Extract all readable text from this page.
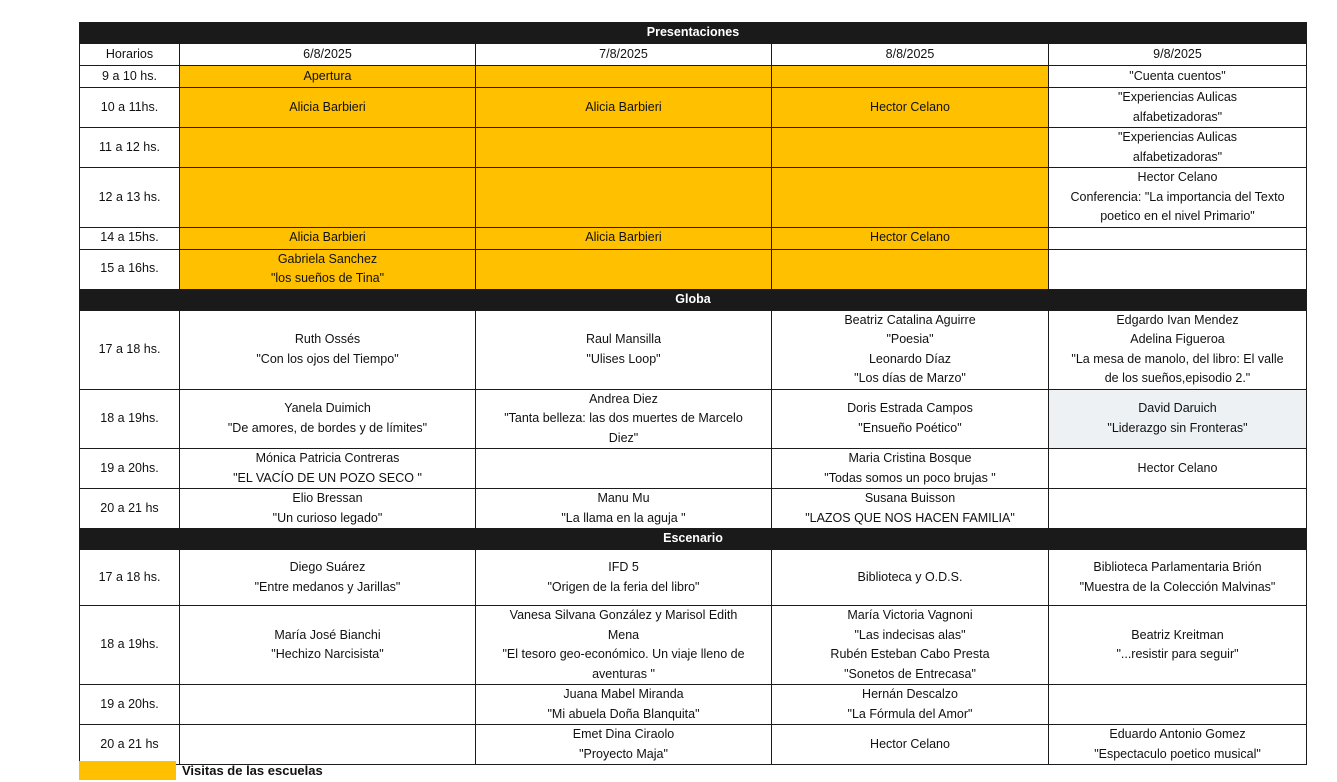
Presentaciones				
Horarios	6/8/2025	7/8/2025	8/8/2025	9/8/2025
9 a 10 hs.	Apertura			"Cuenta cuentos"

10 a 11hs.	Alicia Barbieri	Alicia Barbieri	Hector Celano	"Experiencias Aulicas
alfabetizadoras"

11 a 12 hs.				"Experiencias Aulicas
alfabetizadoras"

12 a 13 hs.				Hector Celano
Conferencia: "La importancia del Texto
poetico en el nivel Primario"

14 a 15hs.	Alicia Barbieri	Alicia Barbieri	Hector Celano	

15 a 16hs.	Gabriela Sanchez
"los sueños de Tina"			

Globa				
17 a 18 hs.	Ruth Ossés
"Con los ojos del Tiempo"	Raul Mansilla
"Ulises Loop"	Beatriz Catalina Aguirre
"Poesia"
Leonardo Díaz
"Los días de Marzo"	Edgardo Ivan Mendez
Adelina Figueroa
"La mesa de manolo, del libro: El valle
de los sueños,episodio 2."

18 a 19hs.	Yanela Duimich
"De amores, de bordes y de límites"	Andrea Diez
"Tanta belleza: las dos muertes de Marcelo
Diez"	Doris Estrada Campos
"Ensueño Poético"	David Daruich
"Liderazgo sin Fronteras"

19 a 20hs.	Mónica Patricia Contreras
"EL VACÍO DE UN POZO SECO "		Maria Cristina Bosque
"Todas somos un poco brujas "	Hector Celano

20 a 21 hs	Elio Bressan
"Un curioso legado"	Manu Mu
"La llama en la aguja "	Susana Buisson
"LAZOS QUE NOS HACEN FAMILIA"	

Escenario				
17 a 18 hs.	Diego Suárez
"Entre medanos y Jarillas"	IFD 5
"Origen de la feria del libro"	Biblioteca y O.D.S.	Biblioteca Parlamentaria Brión
"Muestra de la Colección Malvinas"

18 a 19hs.	María José Bianchi
"Hechizo Narcisista"	Vanesa Silvana González y Marisol Edith
Mena
"El tesoro geo-económico. Un viaje lleno de
aventuras "	María Victoria Vagnoni
"Las indecisas alas"
Rubén Esteban Cabo Presta
"Sonetos de Entrecasa"	Beatriz Kreitman
"...resistir para seguir"

19 a 20hs.		Juana Mabel Miranda
"Mi abuela Doña Blanquita"	Hernán Descalzo
"La Fórmula del Amor"	

20 a 21 hs		Emet Dina Ciraolo
"Proyecto Maja"	Hector Celano	Eduardo Antonio Gomez
"Espectaculo poetico musical"
Visitas de las escuelas
